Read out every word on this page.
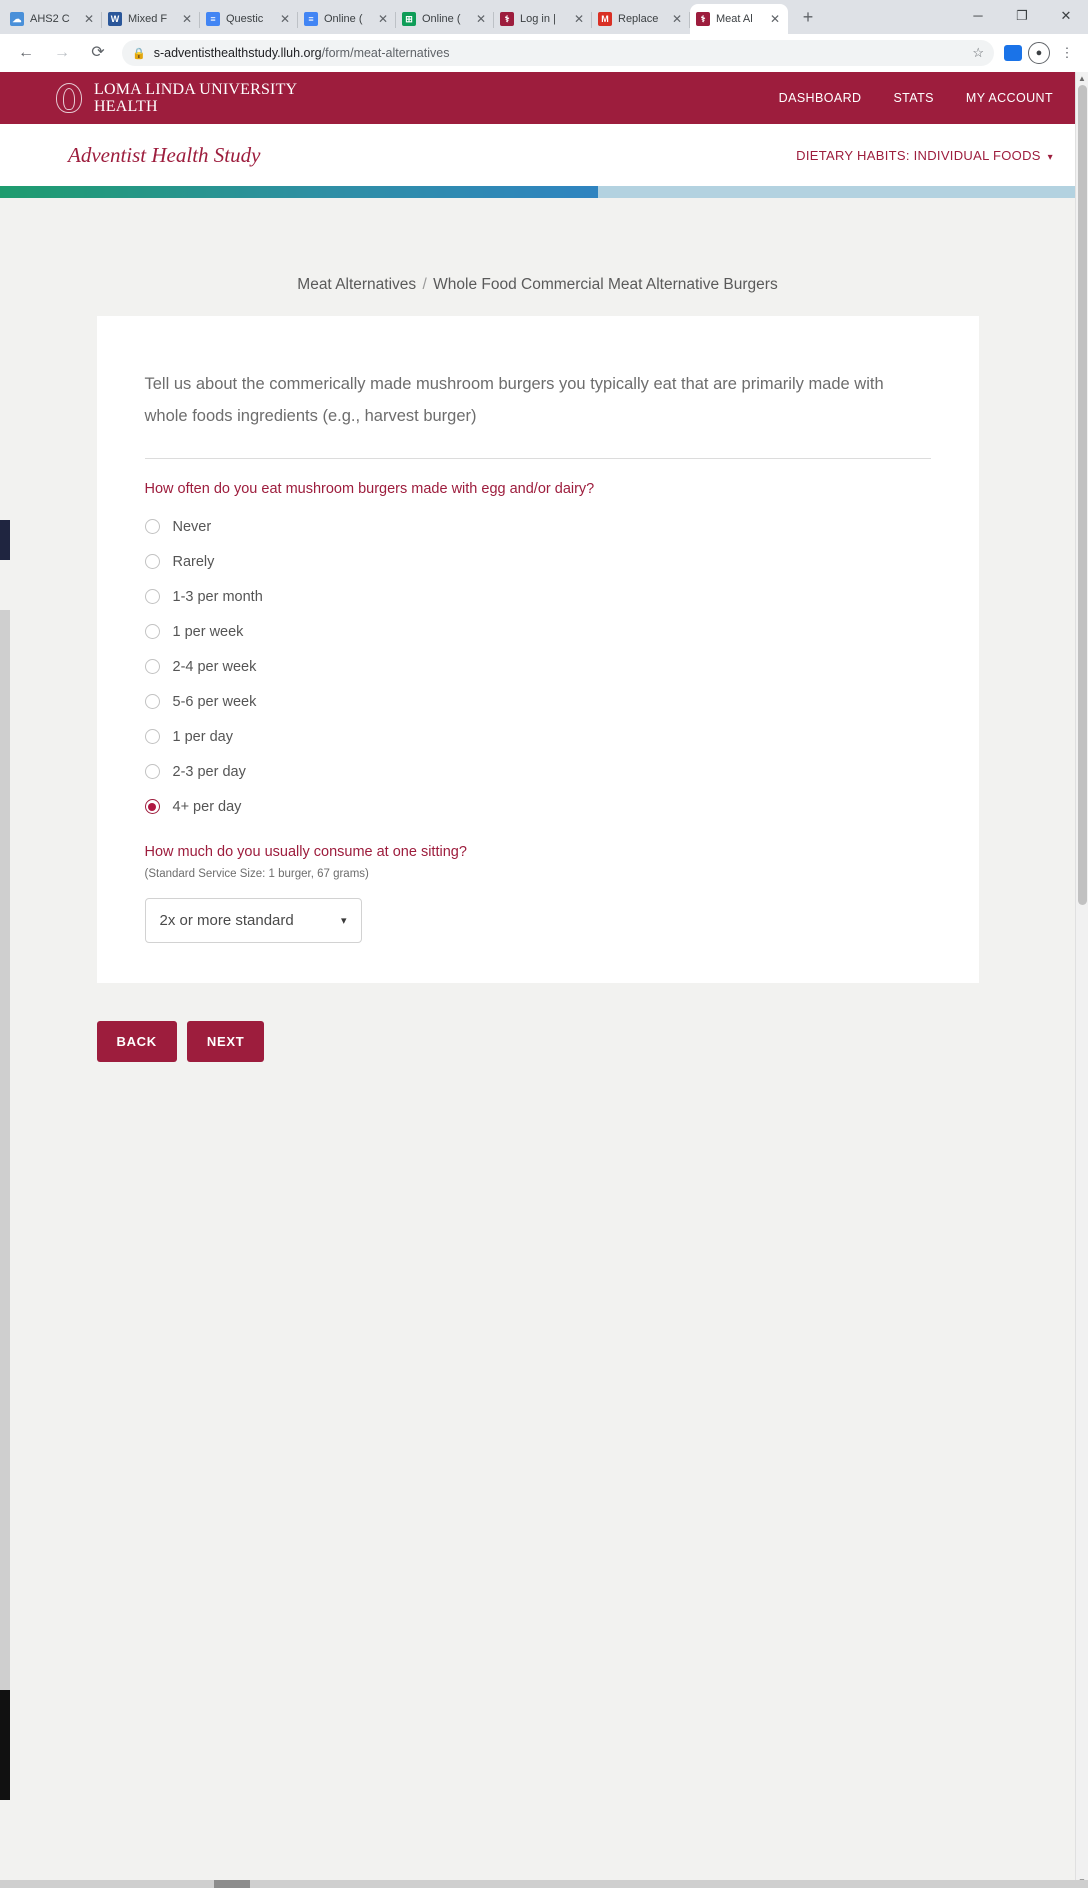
☁ AHS2 C	✕	W Mixed F	✕	≡ Questic	✕	≡ Online (	✕	⊞ Online (	✕	⚕ Log in |	✕	M Replace	✕	⚕ Meat Al	✕	+	─	❐	✕
←	→	⟳	🔒 s-adventisthealthstudy.lluh.org /form/meat-alternatives	☆	●	⋮
LOMA LINDA UNIVERSITY
HEALTH	DASHBOARD	STATS	MY ACCOUNT
Adventist Health Study	DIETARY HABITS: INDIVIDUAL FOODS ▾
Meat Alternatives / Whole Food Commercial Meat Alternative Burgers
Tell us about the commerically made mushroom burgers you typically eat that are primarily made with whole foods ingredients (e.g., harvest burger)
How often do you eat mushroom burgers made with egg and/or dairy?
Never
Rarely
1-3 per month
1 per week
2-4 per week
5-6 per week
1 per day
2-3 per day
4+ per day
How much do you usually consume at one sitting?
(Standard Service Size: 1 burger, 67 grams)
2x or more standard	▾
BACK	NEXT
▲
